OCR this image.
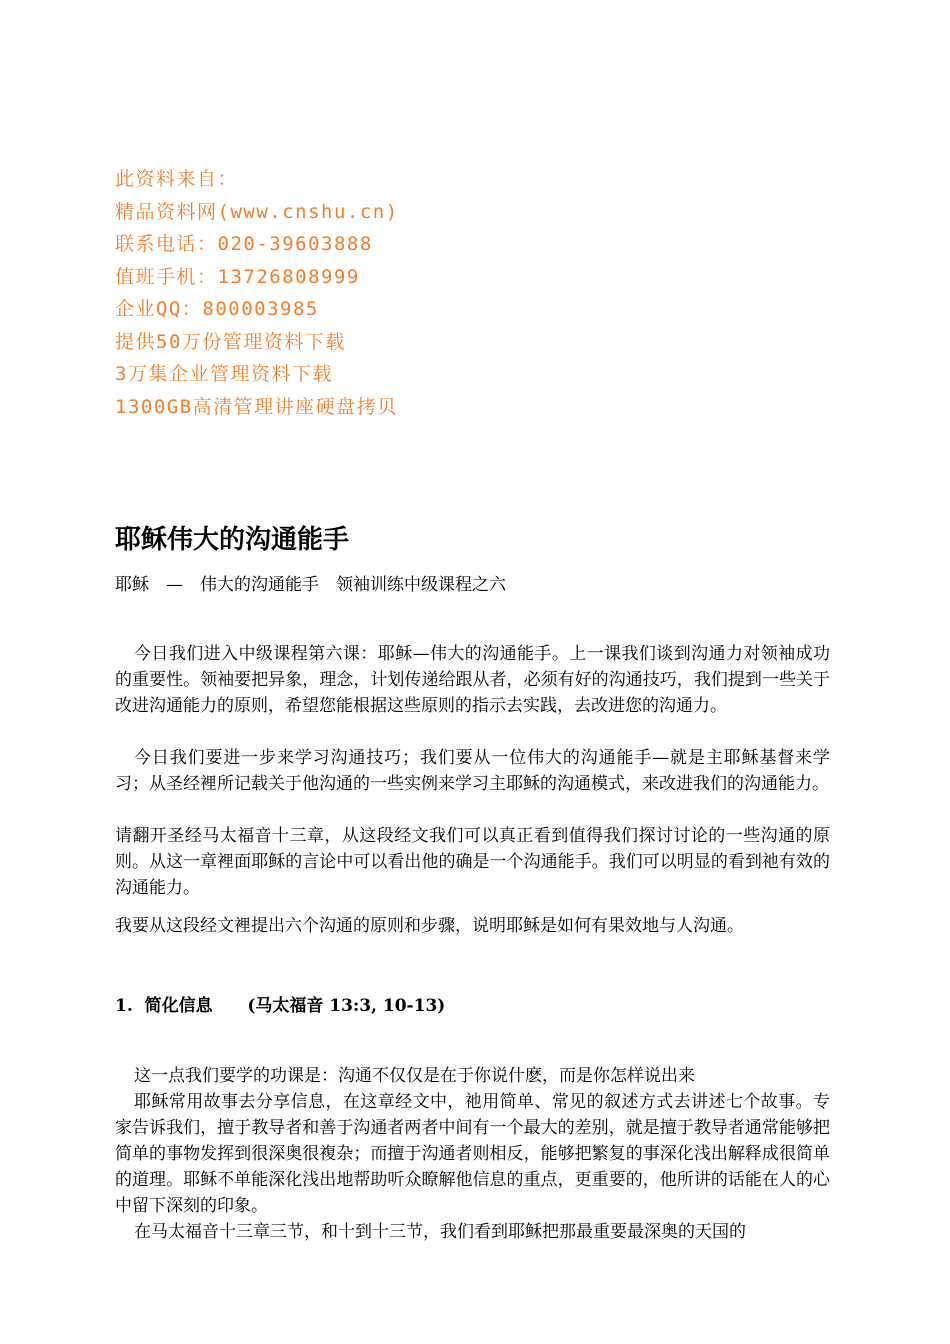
此资料来自：
精品资料网(www.cnshu.cn)
联系电话：020-39603888
值班手机：13726808999
企业QQ：800003985
提供50万份管理资料下载
3万集企业管理资料下载
1300GB高清管理讲座硬盘拷贝
耶稣伟大的沟通能手

耶稣　—　伟大的沟通能手　领袖训练中级课程之六

今日我们进入中级课程第六课：耶稣—伟大的沟通能手。上一课我们谈到沟通力对领袖成功的重要性。领袖要把异象，理念，计划传递给跟从者，必须有好的沟通技巧，我们提到一些关于改进沟通能力的原则，希望您能根据这些原则的指示去实践，去改进您的沟通力。

今日我们要进一步来学习沟通技巧；我们要从一位伟大的沟通能手—就是主耶稣基督来学习；从圣经裡所记载关于他沟通的一些实例来学习主耶稣的沟通模式，来改进我们的沟通能力。

请翻开圣经马太福音十三章，从这段经文我们可以真正看到值得我们探讨讨论的一些沟通的原则。从这一章裡面耶稣的言论中可以看出他的确是一个沟通能手。我们可以明显的看到祂有效的沟通能力。

我要从这段经文裡提出六个沟通的原则和步骤，说明耶稣是如何有果效地与人沟通。

1.  简化信息　   (马太福音 13:3, 10-13)

这一点我们要学的功课是：沟通不仅仅是在于你说什麽，而是你怎样说出来

耶稣常用故事去分享信息，在这章经文中，祂用简单、常见的叙述方式去讲述七个故事。专家告诉我们，擅于教导者和善于沟通者两者中间有一个最大的差别，就是擅于教导者通常能够把简单的事物发挥到很深奥很複杂；而擅于沟通者则相反，能够把繁复的事深化浅出解释成很简单的道理。耶稣不单能深化浅出地帮助听众瞭解他信息的重点，更重要的，他所讲的话能在人的心中留下深刻的印象。

在马太福音十三章三节，和十到十三节，我们看到耶稣把那最重要最深奥的天国的
